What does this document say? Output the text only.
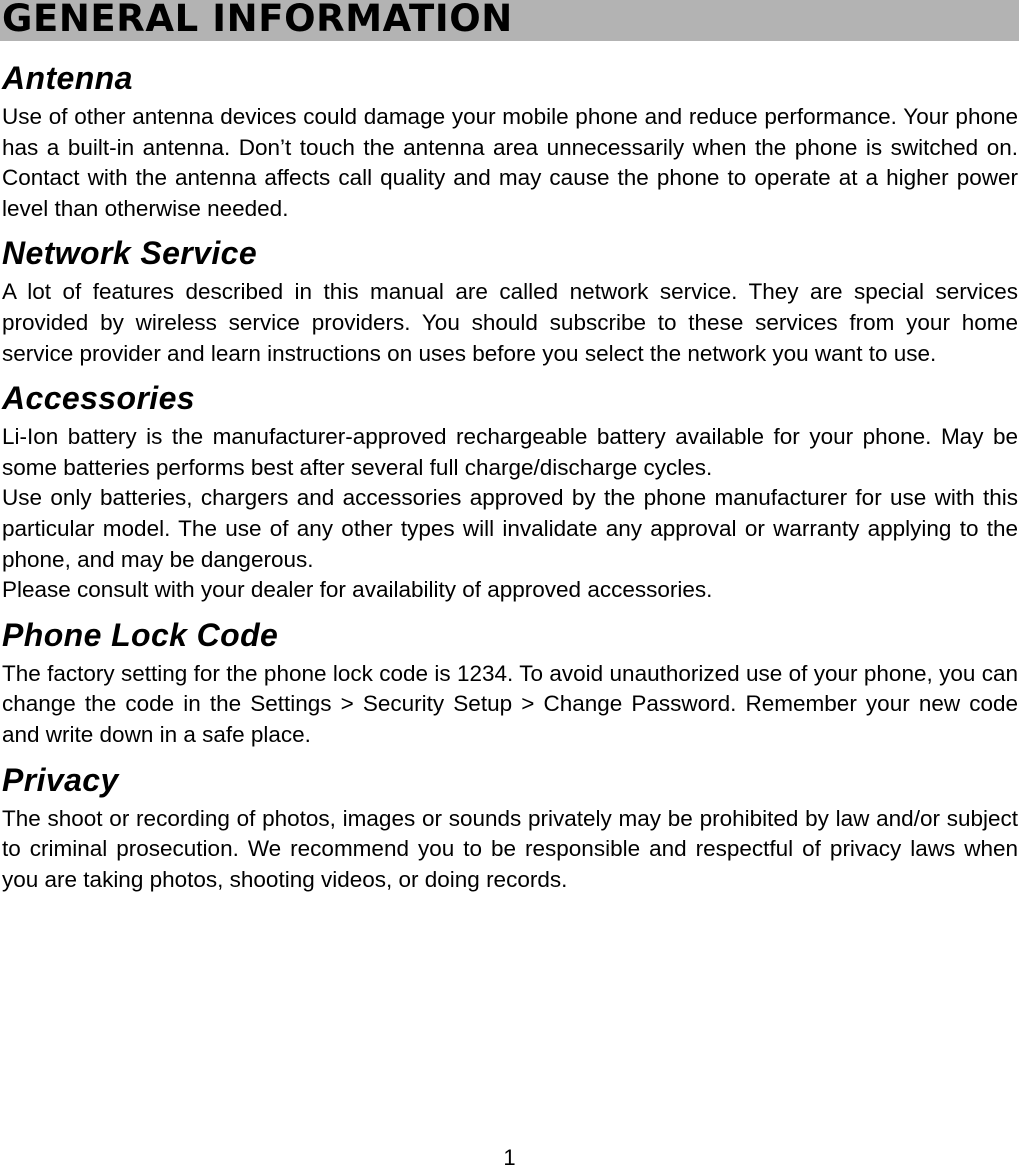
GENERAL INFORMATION
Antenna

Use of other antenna devices could damage your mobile phone and reduce performance. Your phone has a built-in antenna. Don’t touch the antenna area unnecessarily when the phone is switched on. Contact with the antenna affects call quality and may cause the phone to operate at a higher power level than otherwise needed.

Network Service

A lot of features described in this manual are called network service. They are special services provided by wireless service providers. You should subscribe to these services from your home service provider and learn instructions on uses before you select the network you want to use.

Accessories

Li-Ion battery is the manufacturer-approved rechargeable battery available for your phone. May be some batteries performs best after several full charge/discharge cycles.

Use only batteries, chargers and accessories approved by the phone manufacturer for use with this particular model. The use of any other types will invalidate any approval or warranty applying to the phone, and may be dangerous.

Please consult with your dealer for availability of approved accessories.

Phone Lock Code

The factory setting for the phone lock code is 1234. To avoid unauthorized use of your phone, you can change the code in the Settings > Security Setup > Change Password. Remember your new code and write down in a safe place.

Privacy

The shoot or recording of photos, images or sounds privately may be prohibited by law and/or subject to criminal prosecution. We recommend you to be responsible and respectful of privacy laws when you are taking photos, shooting videos, or doing records.

1
